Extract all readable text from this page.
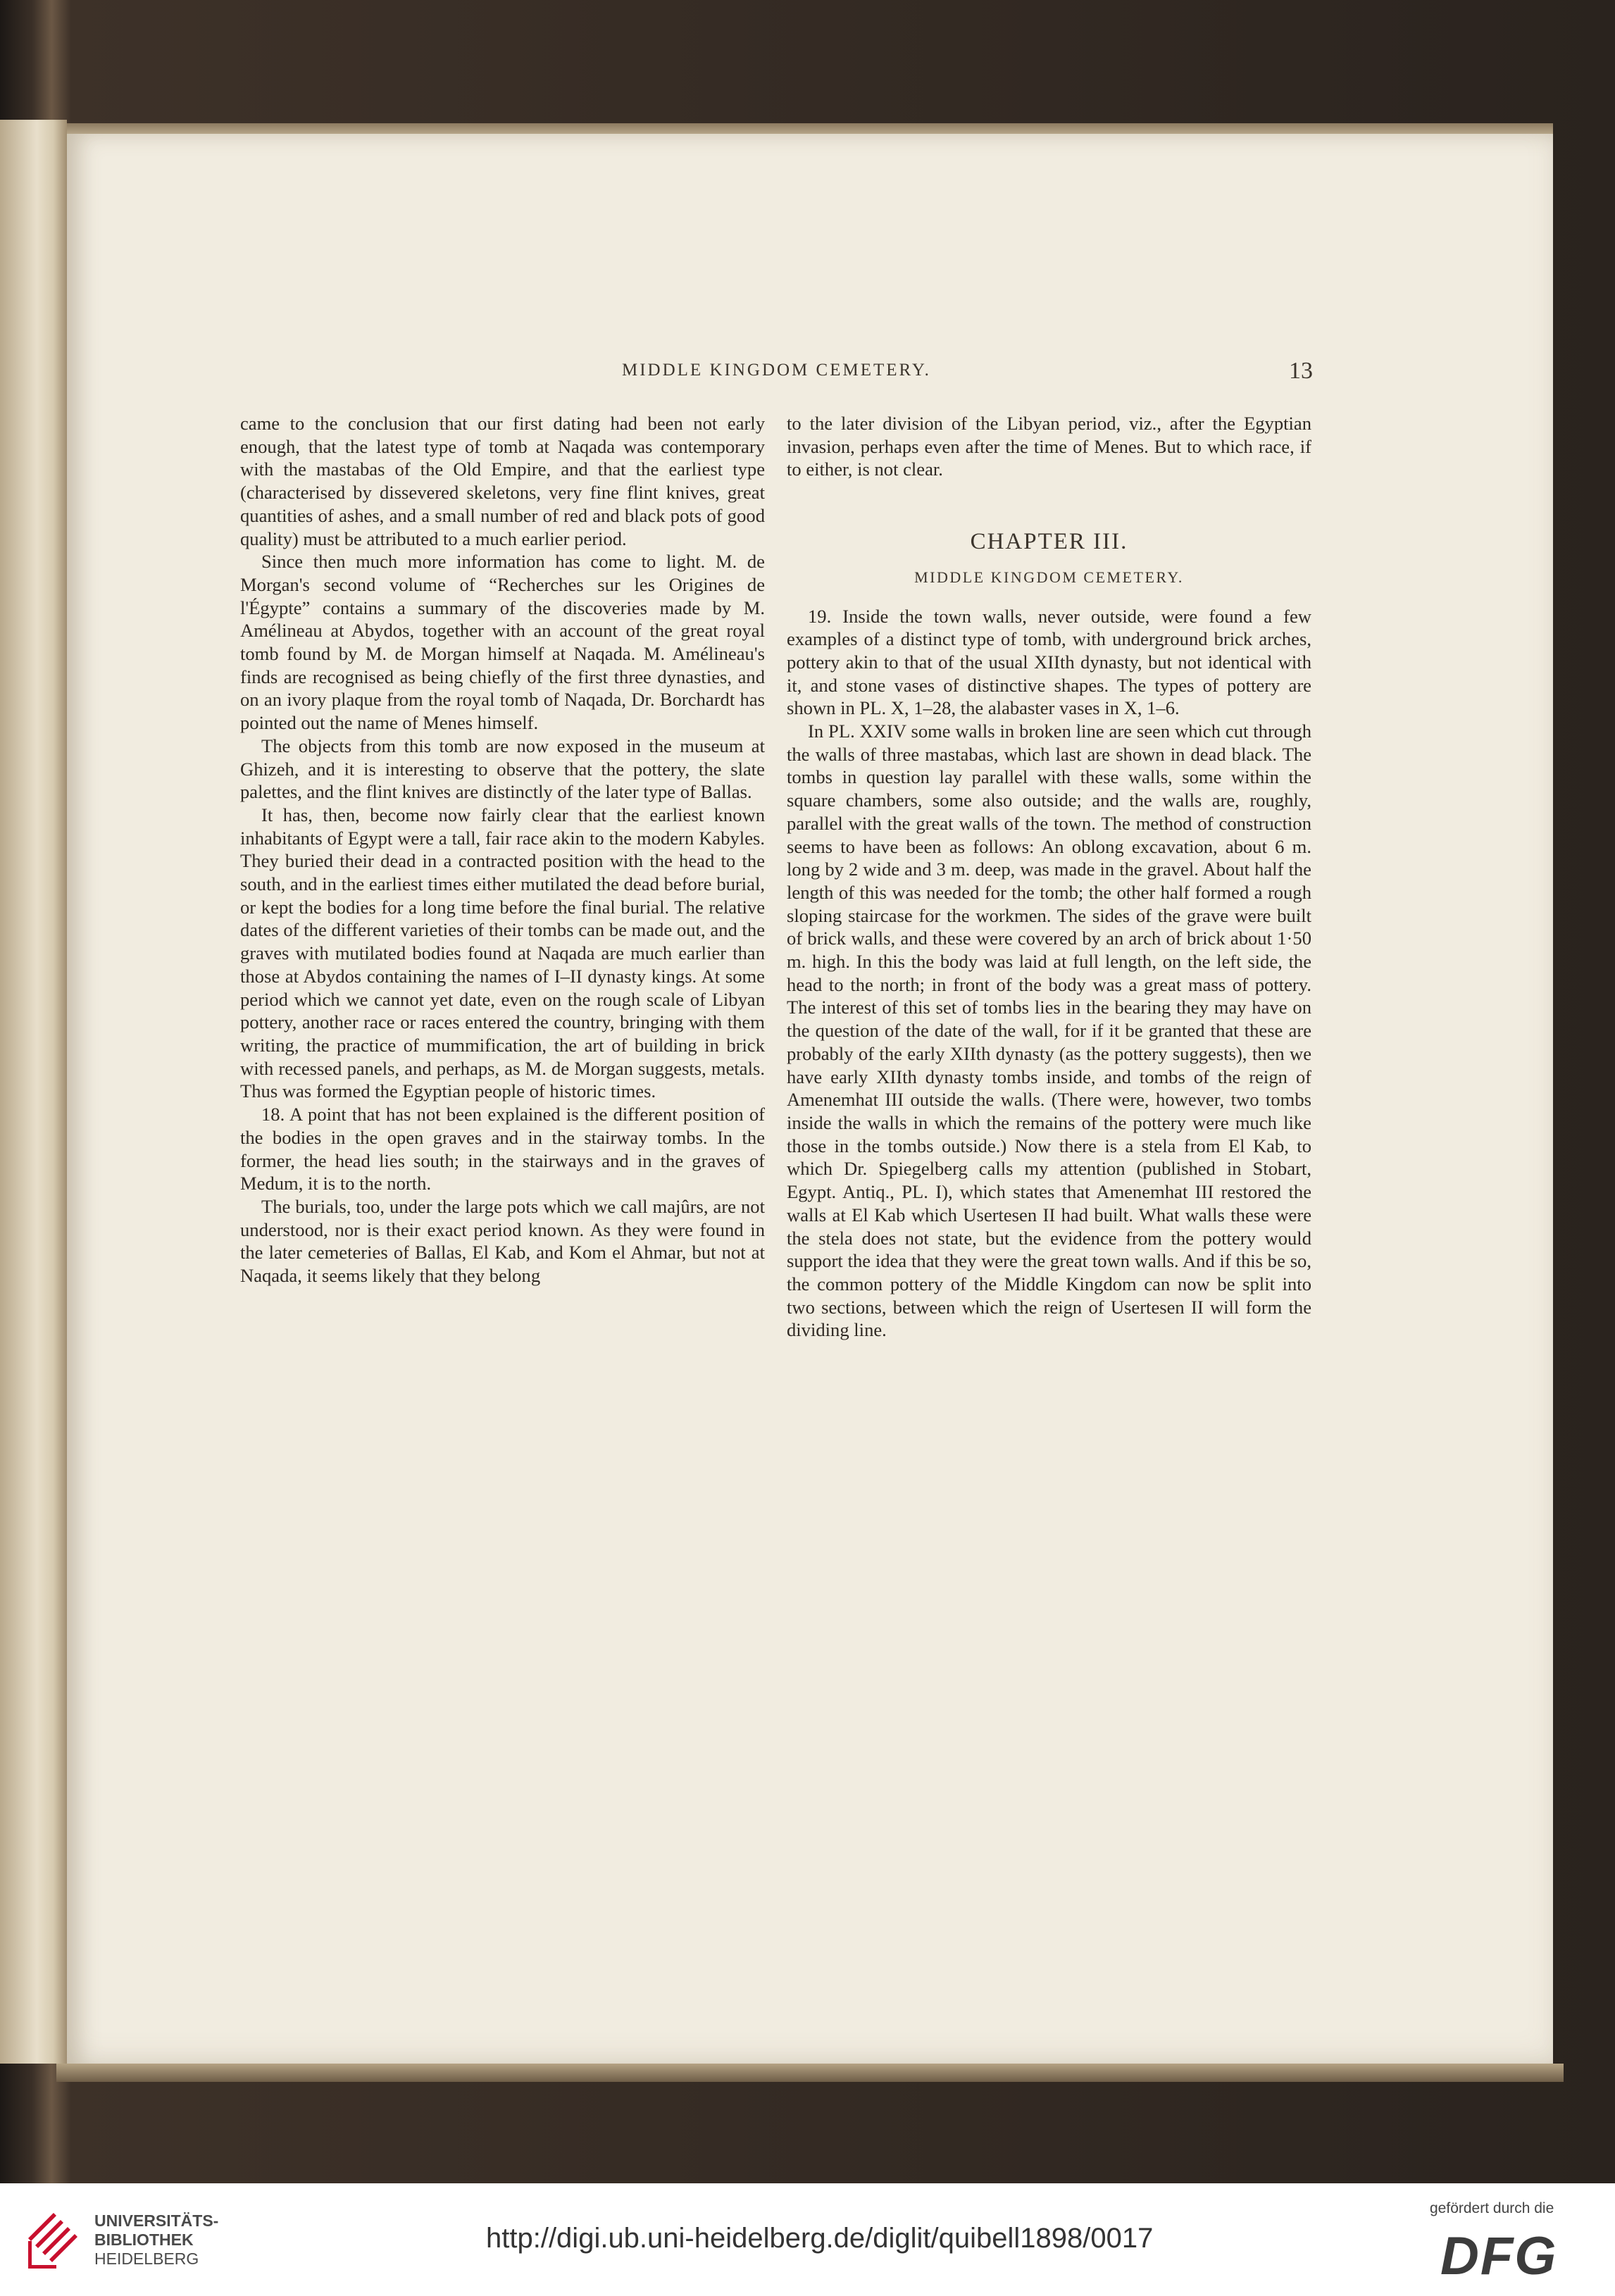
MIDDLE KINGDOM CEMETERY.	13

came to the conclusion that our first dating had been not early enough, that the latest type of tomb at Naqada was contemporary with the mastabas of the Old Empire, and that the earliest type (characterised by dissevered skeletons, very fine flint knives, great quantities of ashes, and a small number of red and black pots of good quality) must be attributed to a much earlier period.

Since then much more information has come to light. M. de Morgan's second volume of “Recherches sur les Origines de l'Égypte” contains a summary of the discoveries made by M. Amélineau at Abydos, together with an account of the great royal tomb found by M. de Morgan himself at Naqada. M. Amélineau's finds are recognised as being chiefly of the first three dynasties, and on an ivory plaque from the royal tomb of Naqada, Dr. Borchardt has pointed out the name of Menes himself.

The objects from this tomb are now exposed in the museum at Ghizeh, and it is interesting to observe that the pottery, the slate palettes, and the flint knives are distinctly of the later type of Ballas.

It has, then, become now fairly clear that the earliest known inhabitants of Egypt were a tall, fair race akin to the modern Kabyles. They buried their dead in a contracted position with the head to the south, and in the earliest times either mutilated the dead before burial, or kept the bodies for a long time before the final burial. The relative dates of the different varieties of their tombs can be made out, and the graves with mutilated bodies found at Naqada are much earlier than those at Abydos containing the names of I–II dynasty kings. At some period which we cannot yet date, even on the rough scale of Libyan pottery, another race or races entered the country, bringing with them writing, the practice of mummification, the art of building in brick with recessed panels, and perhaps, as M. de Morgan suggests, metals. Thus was formed the Egyptian people of historic times.

18. A point that has not been explained is the different position of the bodies in the open graves and in the stairway tombs. In the former, the head lies south; in the stairways and in the graves of Medum, it is to the north.

The burials, too, under the large pots which we call majûrs, are not understood, nor is their exact period known. As they were found in the later cemeteries of Ballas, El Kab, and Kom el Ahmar, but not at Naqada, it seems likely that they belong

to the later division of the Libyan period, viz., after the Egyptian invasion, perhaps even after the time of Menes. But to which race, if to either, is not clear.

CHAPTER III.
MIDDLE KINGDOM CEMETERY.

19. Inside the town walls, never outside, were found a few examples of a distinct type of tomb, with underground brick arches, pottery akin to that of the usual XIIth dynasty, but not identical with it, and stone vases of distinctive shapes. The types of pottery are shown in PL. X, 1–28, the alabaster vases in X, 1–6.

In PL. XXIV some walls in broken line are seen which cut through the walls of three mastabas, which last are shown in dead black. The tombs in question lay parallel with these walls, some within the square chambers, some also outside; and the walls are, roughly, parallel with the great walls of the town. The method of construction seems to have been as follows: An oblong excavation, about 6 m. long by 2 wide and 3 m. deep, was made in the gravel. About half the length of this was needed for the tomb; the other half formed a rough sloping staircase for the workmen. The sides of the grave were built of brick walls, and these were covered by an arch of brick about 1·50 m. high. In this the body was laid at full length, on the left side, the head to the north; in front of the body was a great mass of pottery. The interest of this set of tombs lies in the bearing they may have on the question of the date of the wall, for if it be granted that these are probably of the early XIIth dynasty (as the pottery suggests), then we have early XIIth dynasty tombs inside, and tombs of the reign of Amenemhat III outside the walls. (There were, however, two tombs inside the walls in which the remains of the pottery were much like those in the tombs outside.) Now there is a stela from El Kab, to which Dr. Spiegelberg calls my attention (published in Stobart, Egypt. Antiq., PL. I), which states that Amenemhat III restored the walls at El Kab which Usertesen II had built. What walls these were the stela does not state, but the evidence from the pottery would support the idea that they were the great town walls. And if this be so, the common pottery of the Middle Kingdom can now be split into two sections, between which the reign of Usertesen II will form the dividing line.

UNIVERSITÄTS-
BIBLIOTHEK
HEIDELBERG
http://digi.ub.uni-heidelberg.de/diglit/quibell1898/0017
gefördert durch die
DFG
